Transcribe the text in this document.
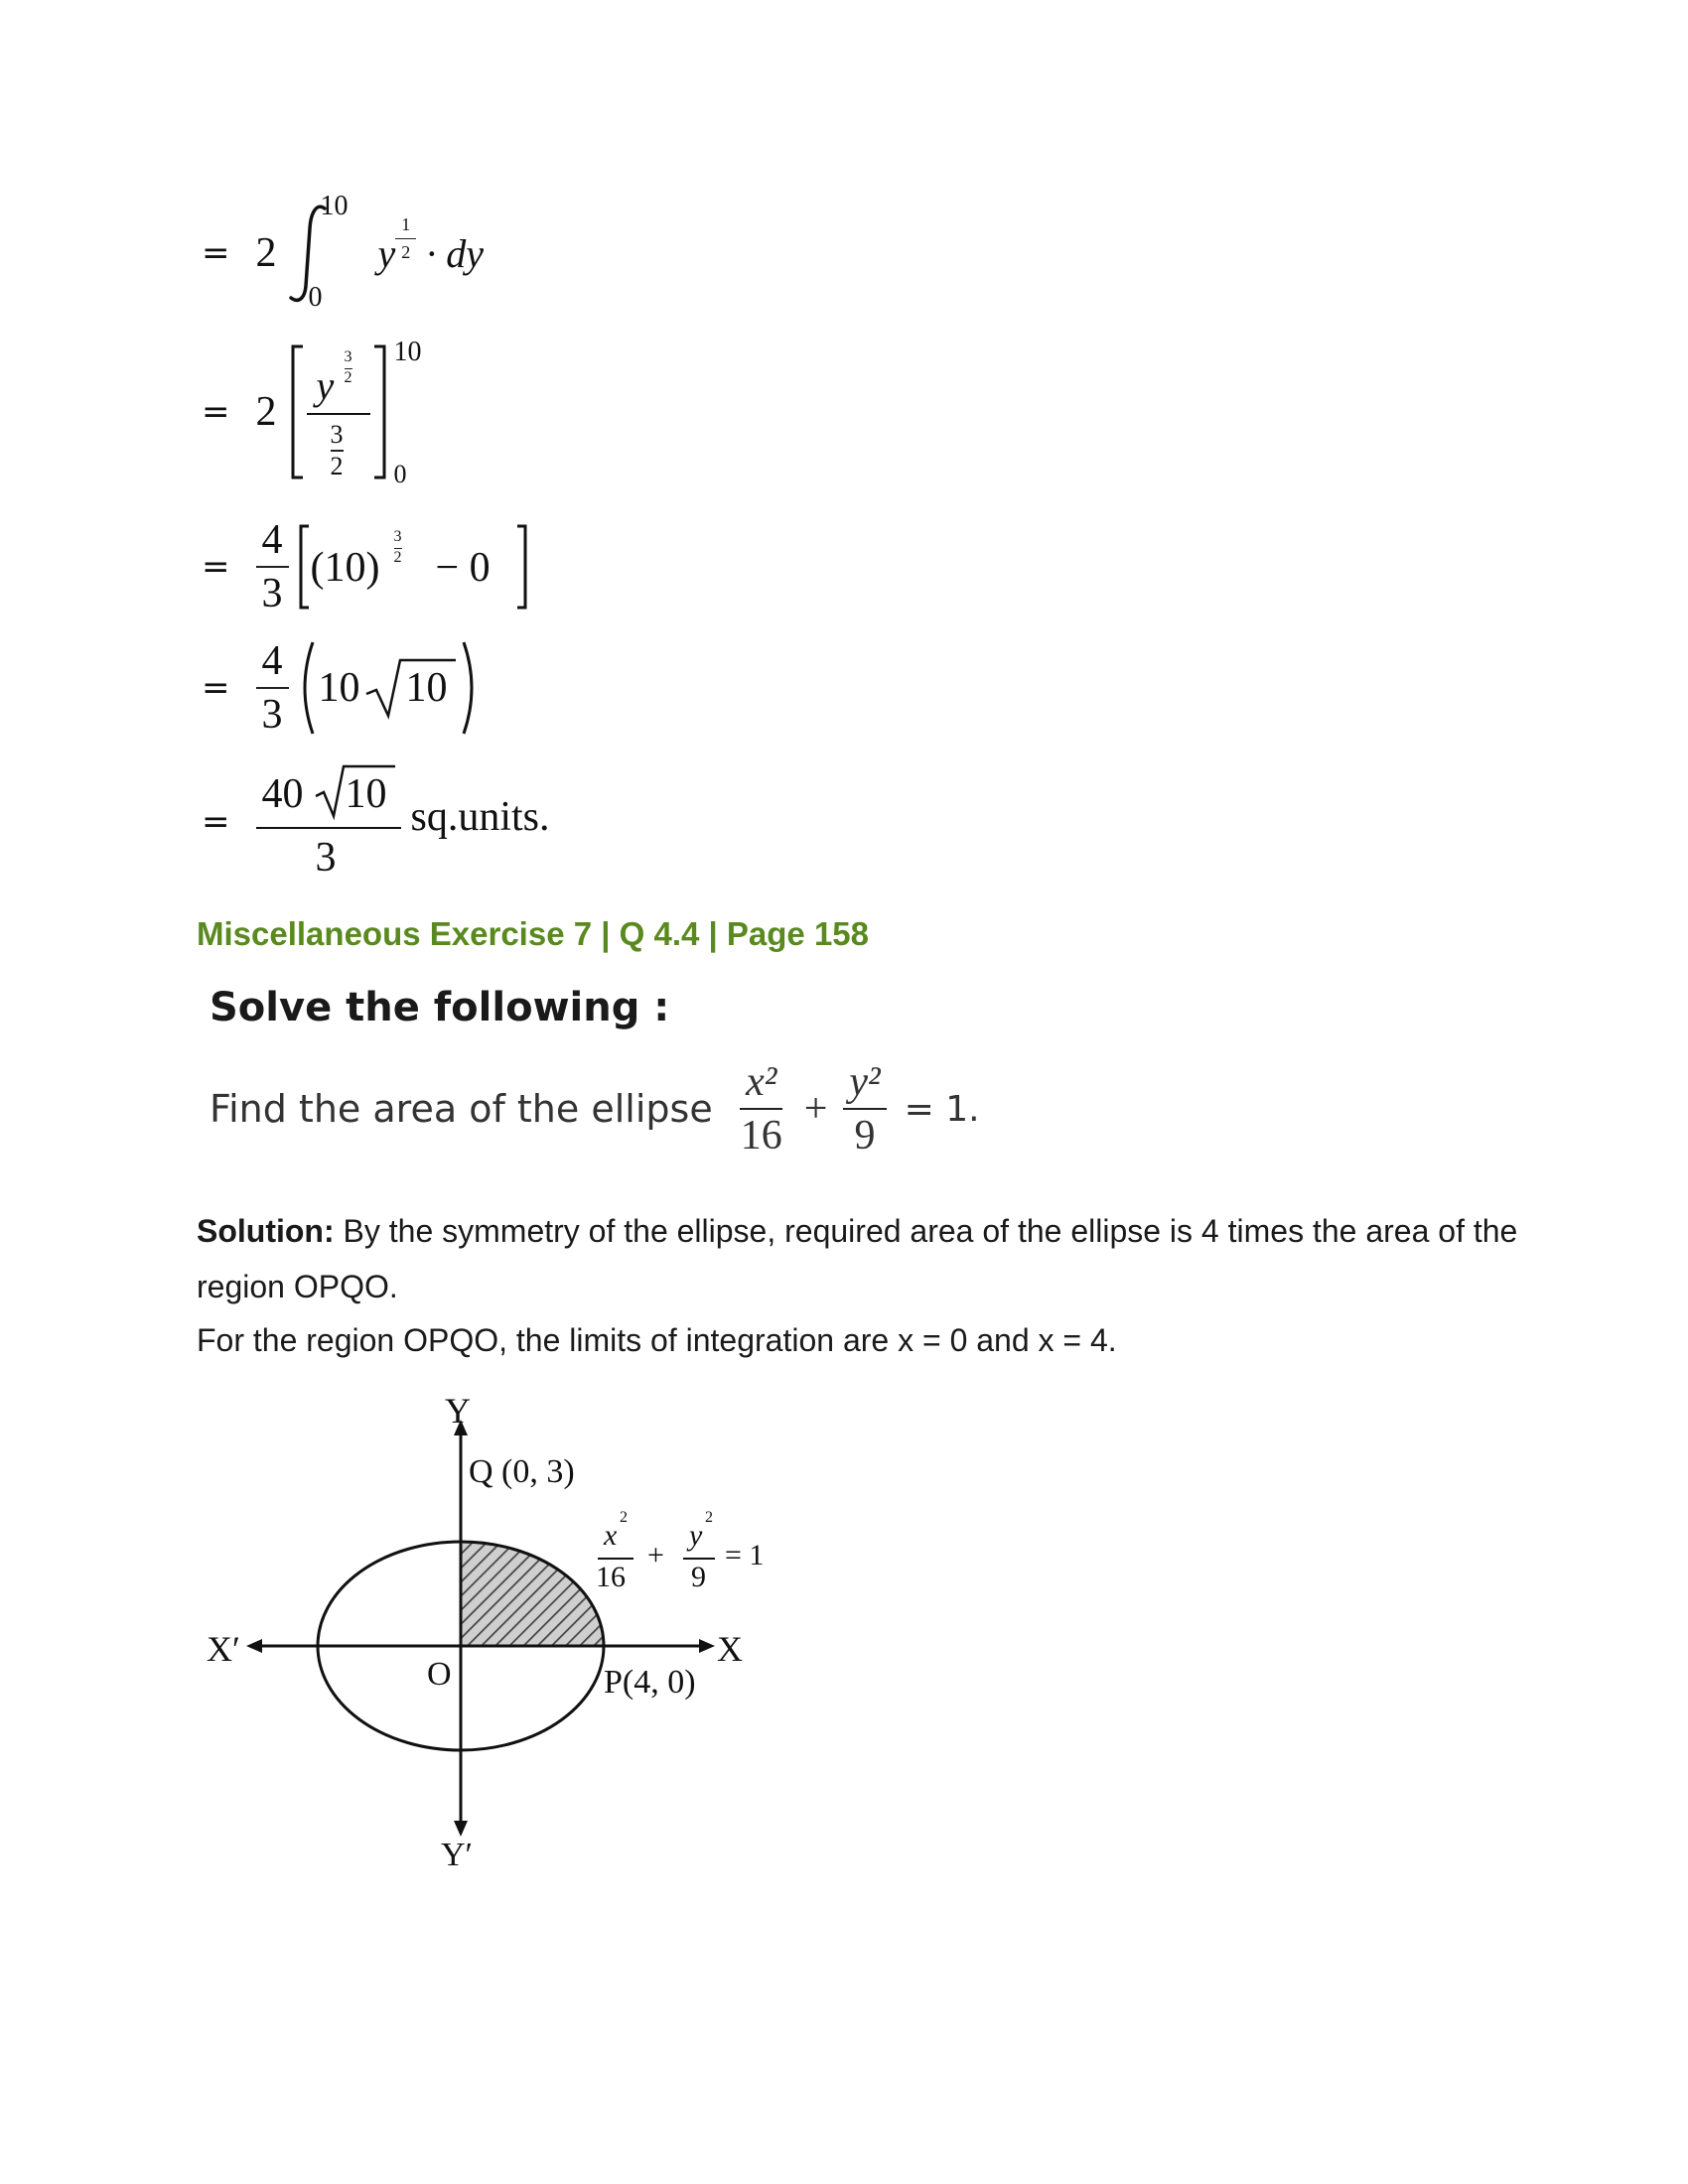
= 2
10
0
y $\frac{1}{2}$ · dy
= 2
y
3
2
3
2
10
0
= $\frac{4}{3} (10)$
3
2 − 0
= $\frac{4}{3} 10$ 10
=
40 10
3
sq.units.
Miscellaneous Exercise 7 | Q 4.4 | Page 158
Solve the following :
Find the area of the ellipse $\frac{\text{x²}}{16} + \frac{\text{y²}}{9} = 1$.
Solution: By the symmetry of the ellipse, required area of the ellipse is 4 times the area of the region OPQO.
For the region OPQO, the limits of integration are x = 0 and x = 4.
Y
Y′
X
X′
O
Q (0, 3)
P(4, 0)
x
2
16
+
y
2
9
= 1
